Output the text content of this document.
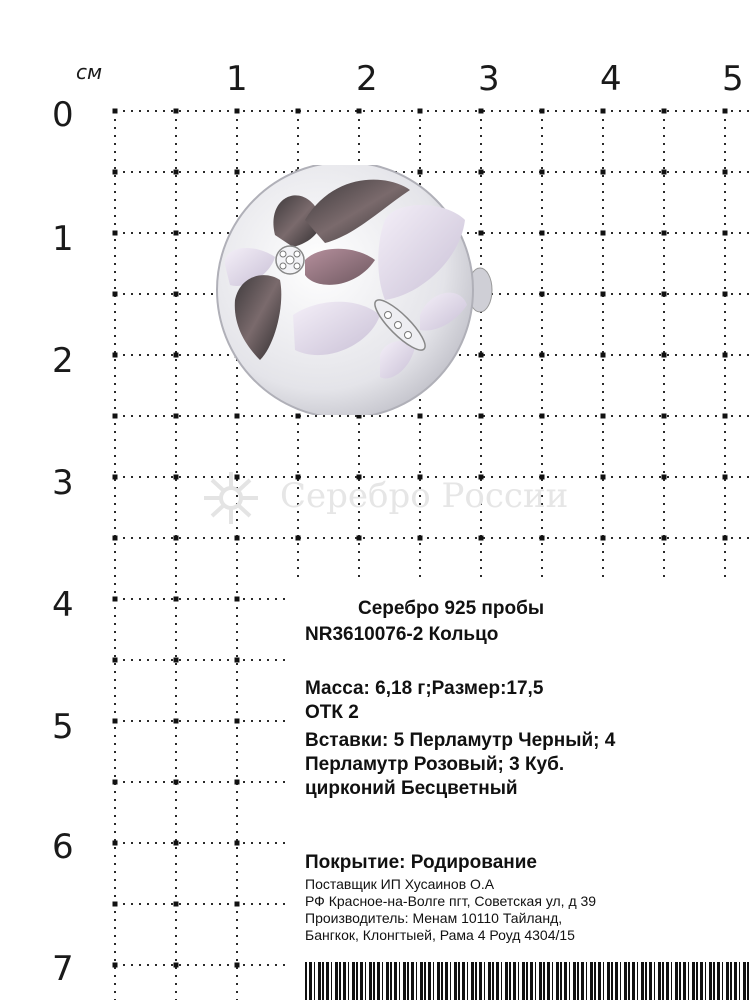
см	1	2	3	4	5
0
1
2
3
4
5
6
7
Серебро России
Серебро 925 пробы
NR3610076-2 Кольцо
Масса: 6,18 г;Размер:17,5
ОТК 2
Вставки: 5 Перламутр Черный; 4
Перламутр Розовый; 3 Куб.
цирконий Бесцветный
Покрытие: Родирование
Поставщик ИП Хусаинов О.А
РФ Красное-на-Волге пгт, Советская ул, д 39
Производитель: Менам 10110 Тайланд,
Бангкок, Клонгтыей, Рама 4 Роуд 4304/15
